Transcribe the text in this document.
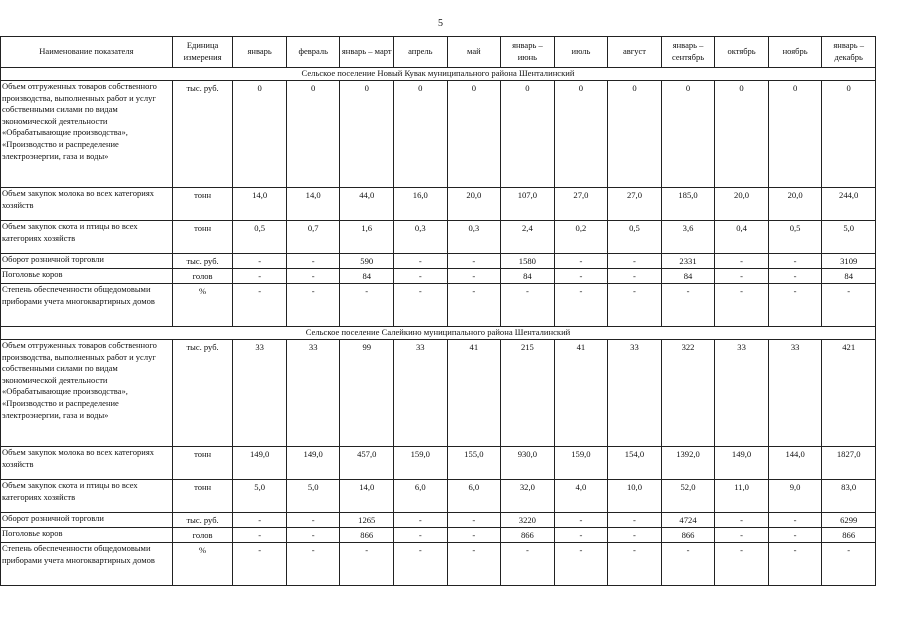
5
Наименование показателя	Единица измерения	январь	февраль	январь – март	апрель	май	январь – июнь	июль	август	январь – сентябрь	октябрь	ноябрь	январь – декабрь
Сельское поселение Новый Кувак муниципального района Шенталинский													
Объем отгруженных товаров собственного производства, выполненных работ и услуг собственными силами по видам экономической деятельности «Обрабатывающие производства», «Производство и распределение электроэнергии, газа и воды»	тыс. руб.	0	0	0	0	0	0	0	0	0	0	0	0
Объем закупок молока во всех категориях хозяйств	тонн	14,0	14,0	44,0	16,0	20,0	107,0	27,0	27,0	185,0	20,0	20,0	244,0
Объем закупок скота и птицы во всех категориях хозяйств	тонн	0,5	0,7	1,6	0,3	0,3	2,4	0,2	0,5	3,6	0,4	0,5	5,0
Оборот розничной торговли	тыс. руб.	-	-	590	-	-	1580	-	-	2331	-	-	3109
Поголовье коров	голов	-	-	84	-	-	84	-	-	84	-	-	84
Степень обеспеченности общедомовыми приборами учета многоквартирных домов	%	-	-	-	-	-	-	-	-	-	-	-	-
Сельское поселение Салейкино муниципального района Шенталинский													
Объем отгруженных товаров собственного производства, выполненных работ и услуг собственными силами по видам экономической деятельности «Обрабатывающие производства», «Производство и распределение электроэнергии, газа и воды»	тыс. руб.	33	33	99	33	41	215	41	33	322	33	33	421
Объем закупок молока во всех категориях хозяйств	тонн	149,0	149,0	457,0	159,0	155,0	930,0	159,0	154,0	1392,0	149,0	144,0	1827,0
Объем закупок скота и птицы во всех категориях хозяйств	тонн	5,0	5,0	14,0	6,0	6,0	32,0	4,0	10,0	52,0	11,0	9,0	83,0
Оборот розничной торговли	тыс. руб.	-	-	1265	-	-	3220	-	-	4724	-	-	6299
Поголовье коров	голов	-	-	866	-	-	866	-	-	866	-	-	866
Степень обеспеченности общедомовыми приборами учета многоквартирных домов	%	-	-	-	-	-	-	-	-	-	-	-	-
